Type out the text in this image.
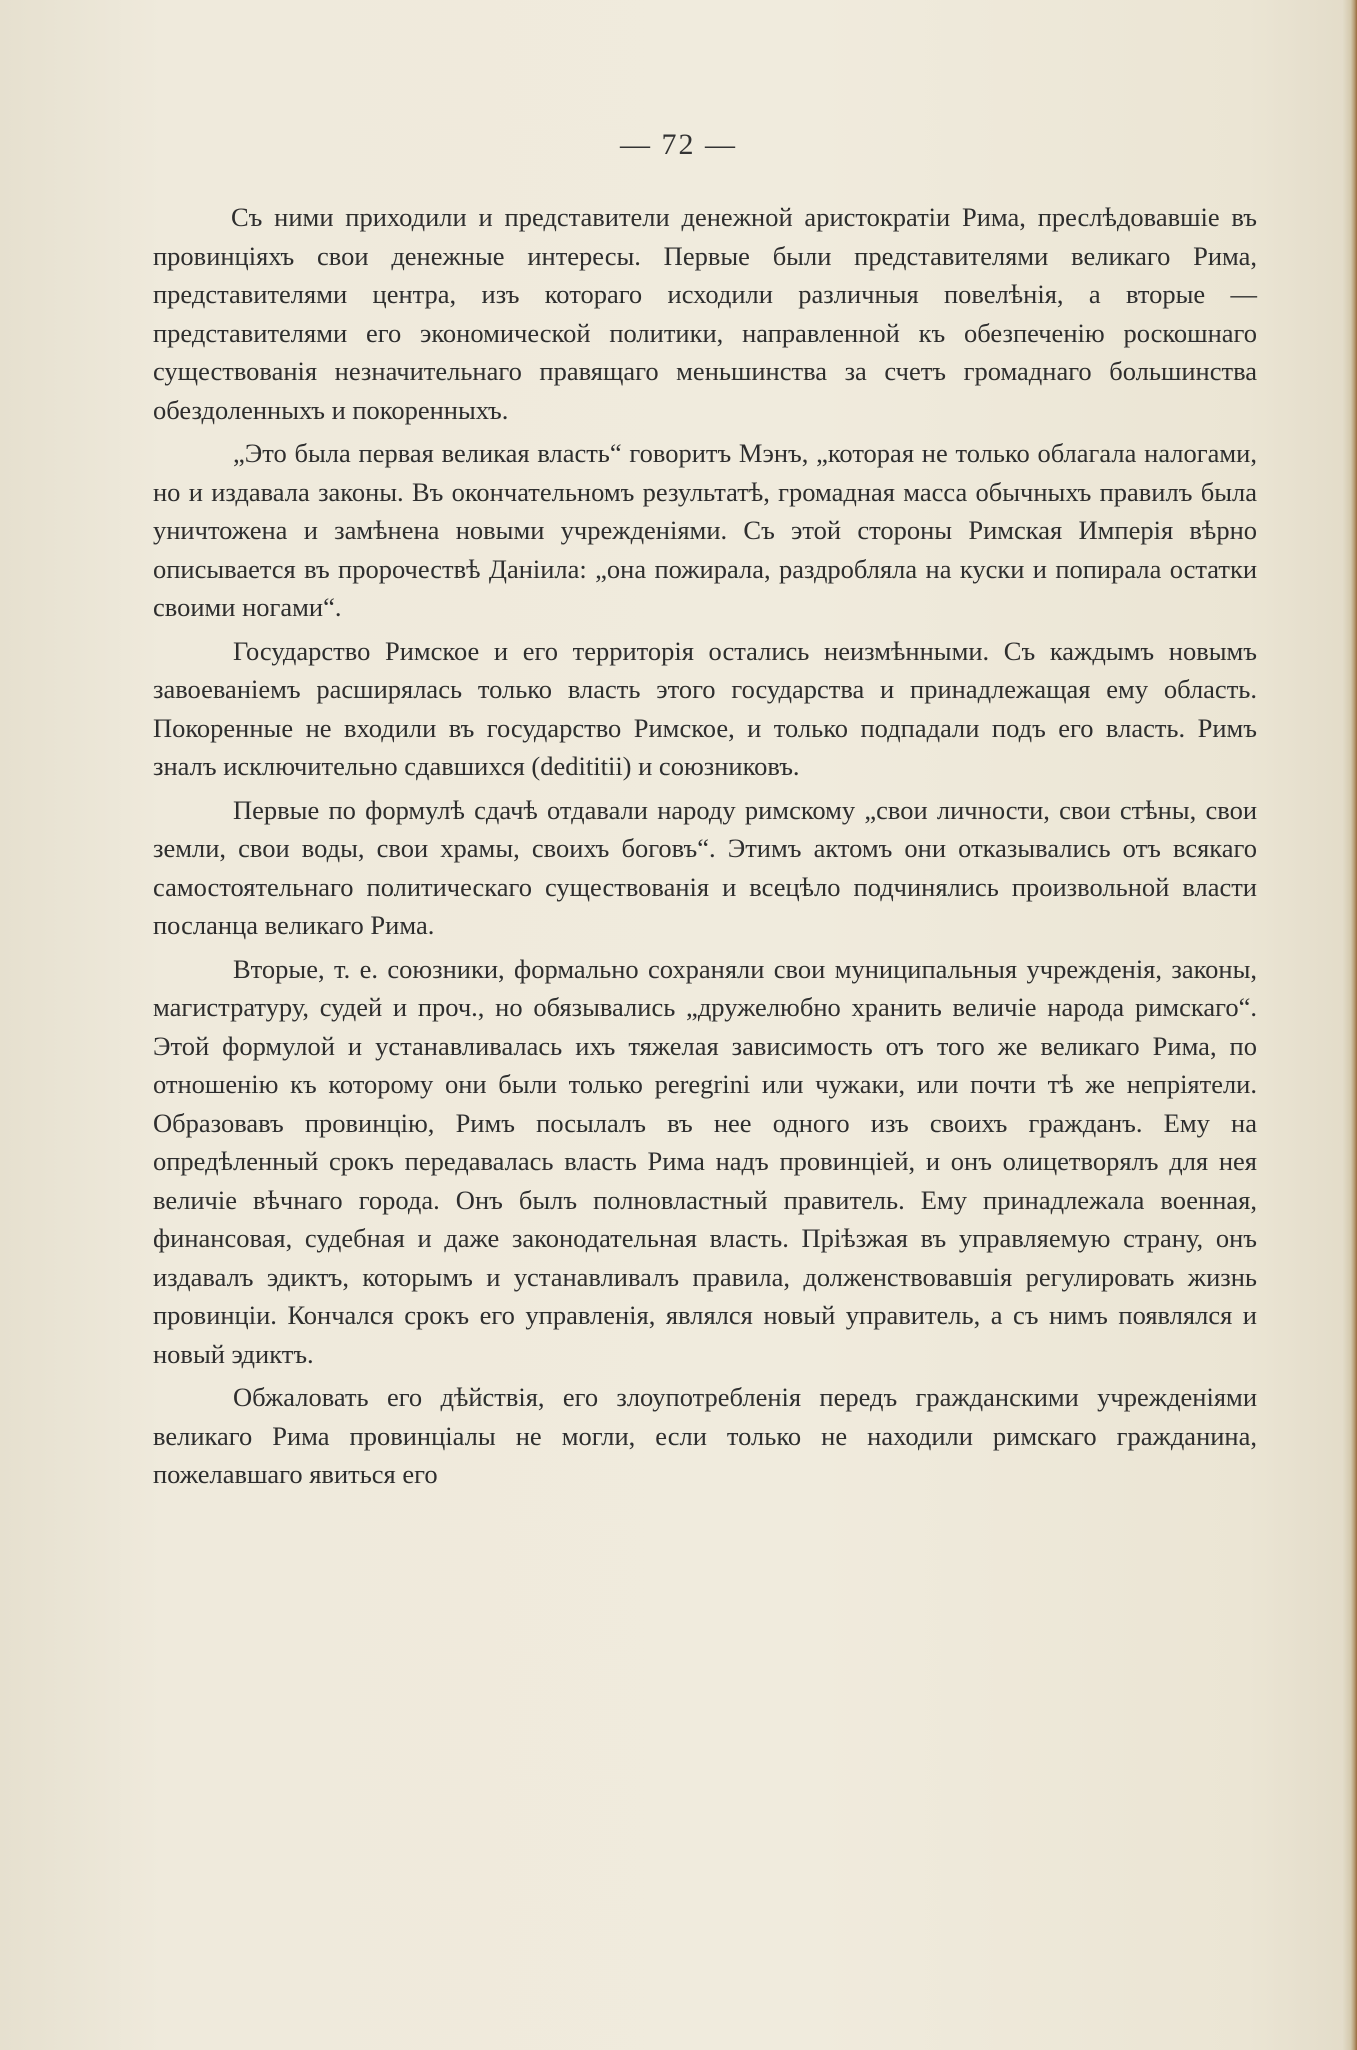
— 72 —

Съ ними приходили и представители денежной аристократіи Рима, преслѣдовавшіе въ провинціяхъ свои денежные интересы. Первые были представителями великаго Рима, представителями центра, изъ котораго исходили различныя повелѣнія, а вторые — представителями его экономической политики, направленной къ обезпеченію роскошнаго существованія незначительнаго правящаго меньшинства за счетъ громаднаго большинства обездоленныхъ и покоренныхъ.

„Это была первая великая власть“ говоритъ Мэнъ, „которая не только облагала налогами, но и издавала законы. Въ окончательномъ результатѣ, громадная масса обычныхъ правилъ была уничтожена и замѣнена новыми учрежденіями. Съ этой стороны Римская Имперія вѣрно описывается въ пророчествѣ Даніила: „она пожирала, раздробляла на куски и попирала остатки своими ногами“.

Государство Римское и его территорія остались неизмѣнными. Съ каждымъ новымъ завоеваніемъ расширялась только власть этого государства и принадлежащая ему область. Покоренные не входили въ государство Римское, и только подпадали подъ его власть. Римъ зналъ исключительно сдавшихся (dedititii) и союзниковъ.

Первые по формулѣ сдачѣ отдавали народу римскому „свои личности, свои стѣны, свои земли, свои воды, свои храмы, своихъ боговъ“. Этимъ актомъ они отказывались отъ всякаго самостоятельнаго политическаго существованія и всецѣло подчинялись произвольной власти посланца великаго Рима.

Вторые, т. е. союзники, формально сохраняли свои муниципальныя учрежденія, законы, магистратуру, судей и проч., но обязывались „дружелюбно хранить величіе народа римскаго“. Этой формулой и устанавливалась ихъ тяжелая зависимость отъ того же великаго Рима, по отношенію къ которому они были только peregrini или чужаки, или почти тѣ же непріятели. Образовавъ провинцію, Римъ посылалъ въ нее одного изъ своихъ гражданъ. Ему на опредѣленный срокъ передавалась власть Рима надъ провинціей, и онъ олицетворялъ для нея величіе вѣчнаго города. Онъ былъ полновластный правитель. Ему принадлежала военная, финансовая, судебная и даже законодательная власть. Пріѣзжая въ управляемую страну, онъ издавалъ эдиктъ, которымъ и устанавливалъ правила, долженствовавшія регулировать жизнь провинціи. Кончался срокъ его управленія, являлся новый управитель, а съ нимъ появлялся и новый эдиктъ.

Обжаловать его дѣйствія, его злоупотребленія передъ гражданскими учрежденіями великаго Рима провинціалы не могли, если только не находили римскаго гражданина, пожелавшаго явиться его
